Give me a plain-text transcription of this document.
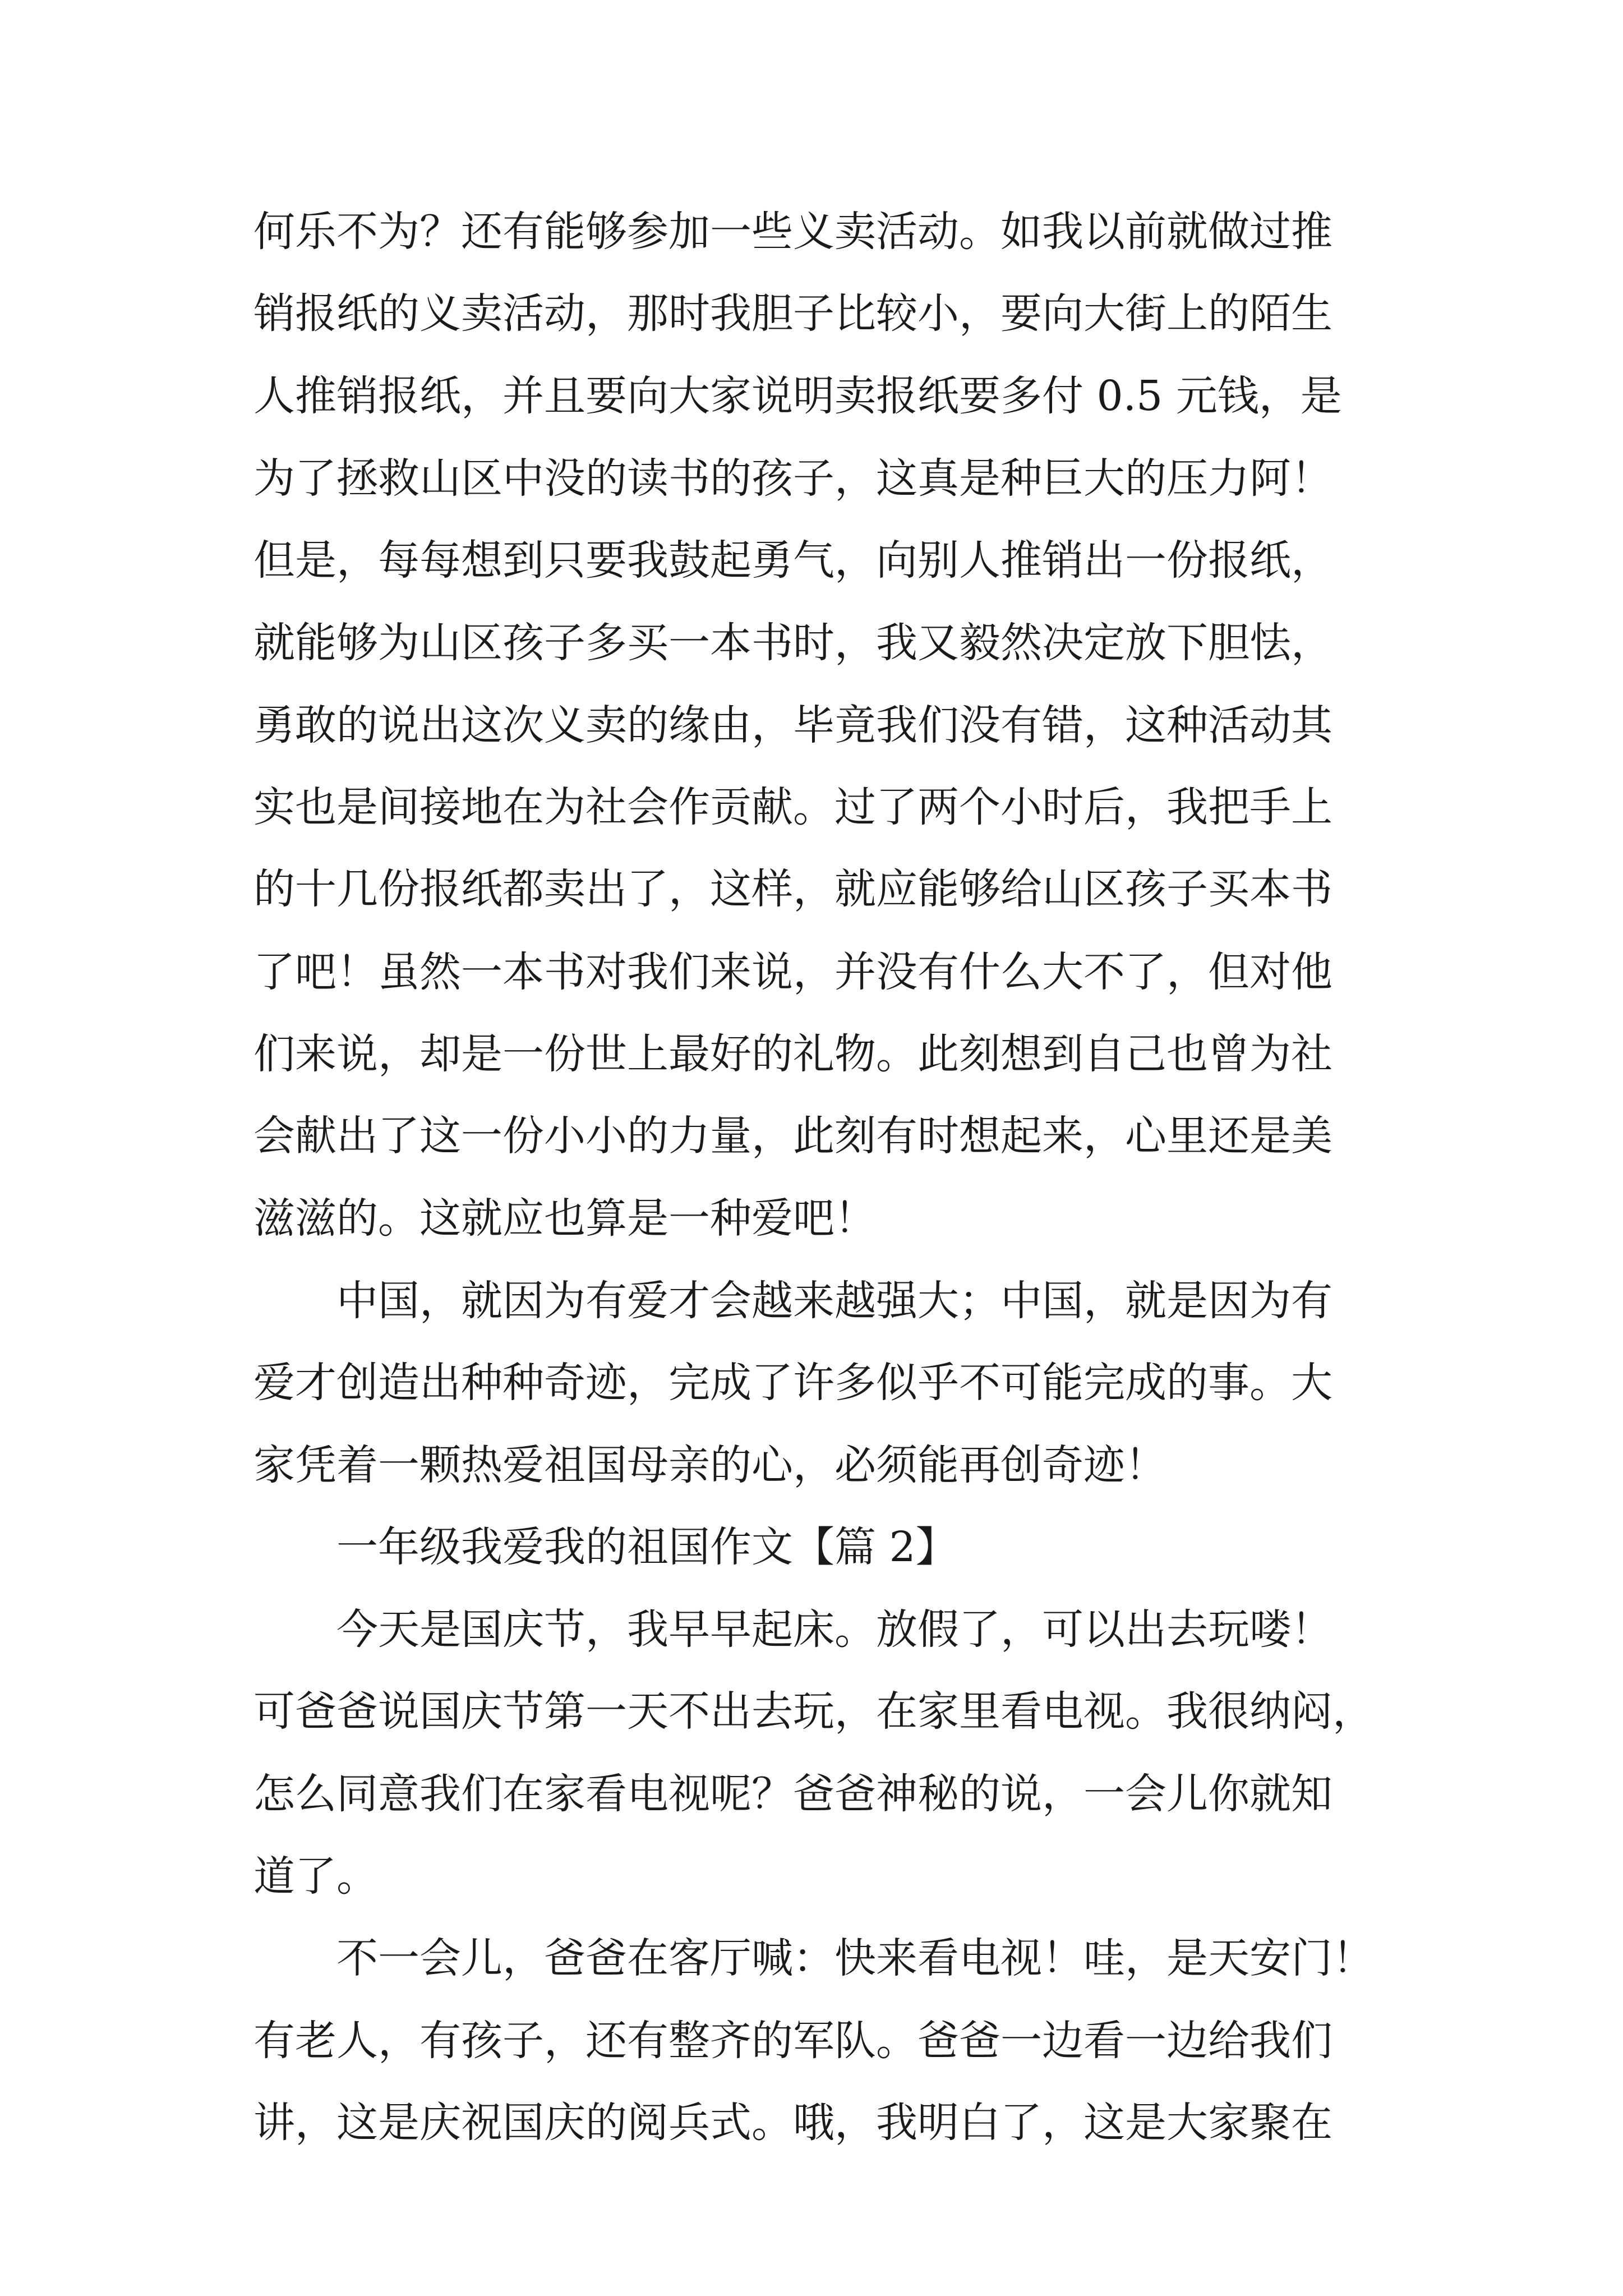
何乐不为？还有能够参加一些义卖活动。如我以前就做过推
销报纸的义卖活动，那时我胆子比较小，要向大街上的陌生
人推销报纸，并且要向大家说明卖报纸要多付 0.5 元钱，是
为了拯救山区中没的读书的孩子，这真是种巨大的压力阿！
但是，每每想到只要我鼓起勇气，向别人推销出一份报纸，
就能够为山区孩子多买一本书时，我又毅然决定放下胆怯，
勇敢的说出这次义卖的缘由，毕竟我们没有错，这种活动其
实也是间接地在为社会作贡献。过了两个小时后，我把手上
的十几份报纸都卖出了，这样，就应能够给山区孩子买本书
了吧！虽然一本书对我们来说，并没有什么大不了，但对他
们来说，却是一份世上最好的礼物。此刻想到自己也曾为社
会献出了这一份小小的力量，此刻有时想起来，心里还是美
滋滋的。这就应也算是一种爱吧！
中国，就因为有爱才会越来越强大；中国，就是因为有
爱才创造出种种奇迹，完成了许多似乎不可能完成的事。大
家凭着一颗热爱祖国母亲的心，必须能再创奇迹！
一年级我爱我的祖国作文【篇 2】
今天是国庆节，我早早起床。放假了，可以出去玩喽！
可爸爸说国庆节第一天不出去玩，在家里看电视。我很纳闷，
怎么同意我们在家看电视呢？爸爸神秘的说，一会儿你就知
道了。
不一会儿，爸爸在客厅喊：快来看电视！哇，是天安门！
有老人，有孩子，还有整齐的军队。爸爸一边看一边给我们
讲，这是庆祝国庆的阅兵式。哦，我明白了，这是大家聚在
